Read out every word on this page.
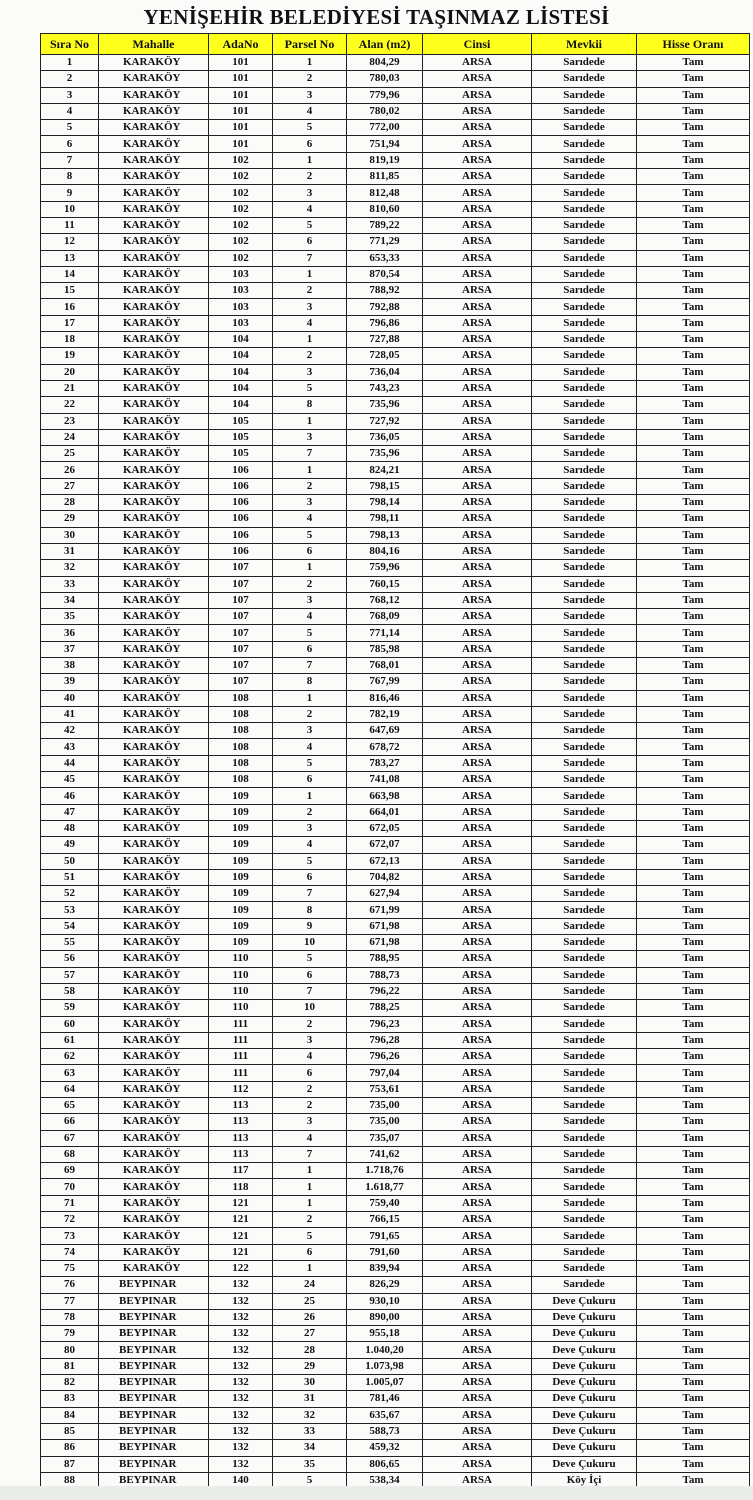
YENİŞEHİR BELEDİYESİ TAŞINMAZ LİSTESİ
Sıra No	Mahalle	AdaNo	Parsel No	Alan (m2)	Cinsi	Mevkii	Hisse Oranı
1	KARAKÖY	101	1	804,29	ARSA	Sarıdede	Tam
2	KARAKÖY	101	2	780,03	ARSA	Sarıdede	Tam
3	KARAKÖY	101	3	779,96	ARSA	Sarıdede	Tam
4	KARAKÖY	101	4	780,02	ARSA	Sarıdede	Tam
5	KARAKÖY	101	5	772,00	ARSA	Sarıdede	Tam
6	KARAKÖY	101	6	751,94	ARSA	Sarıdede	Tam
7	KARAKÖY	102	1	819,19	ARSA	Sarıdede	Tam
8	KARAKÖY	102	2	811,85	ARSA	Sarıdede	Tam
9	KARAKÖY	102	3	812,48	ARSA	Sarıdede	Tam
10	KARAKÖY	102	4	810,60	ARSA	Sarıdede	Tam
11	KARAKÖY	102	5	789,22	ARSA	Sarıdede	Tam
12	KARAKÖY	102	6	771,29	ARSA	Sarıdede	Tam
13	KARAKÖY	102	7	653,33	ARSA	Sarıdede	Tam
14	KARAKÖY	103	1	870,54	ARSA	Sarıdede	Tam
15	KARAKÖY	103	2	788,92	ARSA	Sarıdede	Tam
16	KARAKÖY	103	3	792,88	ARSA	Sarıdede	Tam
17	KARAKÖY	103	4	796,86	ARSA	Sarıdede	Tam
18	KARAKÖY	104	1	727,88	ARSA	Sarıdede	Tam
19	KARAKÖY	104	2	728,05	ARSA	Sarıdede	Tam
20	KARAKÖY	104	3	736,04	ARSA	Sarıdede	Tam
21	KARAKÖY	104	5	743,23	ARSA	Sarıdede	Tam
22	KARAKÖY	104	8	735,96	ARSA	Sarıdede	Tam
23	KARAKÖY	105	1	727,92	ARSA	Sarıdede	Tam
24	KARAKÖY	105	3	736,05	ARSA	Sarıdede	Tam
25	KARAKÖY	105	7	735,96	ARSA	Sarıdede	Tam
26	KARAKÖY	106	1	824,21	ARSA	Sarıdede	Tam
27	KARAKÖY	106	2	798,15	ARSA	Sarıdede	Tam
28	KARAKÖY	106	3	798,14	ARSA	Sarıdede	Tam
29	KARAKÖY	106	4	798,11	ARSA	Sarıdede	Tam
30	KARAKÖY	106	5	798,13	ARSA	Sarıdede	Tam
31	KARAKÖY	106	6	804,16	ARSA	Sarıdede	Tam
32	KARAKÖY	107	1	759,96	ARSA	Sarıdede	Tam
33	KARAKÖY	107	2	760,15	ARSA	Sarıdede	Tam
34	KARAKÖY	107	3	768,12	ARSA	Sarıdede	Tam
35	KARAKÖY	107	4	768,09	ARSA	Sarıdede	Tam
36	KARAKÖY	107	5	771,14	ARSA	Sarıdede	Tam
37	KARAKÖY	107	6	785,98	ARSA	Sarıdede	Tam
38	KARAKÖY	107	7	768,01	ARSA	Sarıdede	Tam
39	KARAKÖY	107	8	767,99	ARSA	Sarıdede	Tam
40	KARAKÖY	108	1	816,46	ARSA	Sarıdede	Tam
41	KARAKÖY	108	2	782,19	ARSA	Sarıdede	Tam
42	KARAKÖY	108	3	647,69	ARSA	Sarıdede	Tam
43	KARAKÖY	108	4	678,72	ARSA	Sarıdede	Tam
44	KARAKÖY	108	5	783,27	ARSA	Sarıdede	Tam
45	KARAKÖY	108	6	741,08	ARSA	Sarıdede	Tam
46	KARAKÖY	109	1	663,98	ARSA	Sarıdede	Tam
47	KARAKÖY	109	2	664,01	ARSA	Sarıdede	Tam
48	KARAKÖY	109	3	672,05	ARSA	Sarıdede	Tam
49	KARAKÖY	109	4	672,07	ARSA	Sarıdede	Tam
50	KARAKÖY	109	5	672,13	ARSA	Sarıdede	Tam
51	KARAKÖY	109	6	704,82	ARSA	Sarıdede	Tam
52	KARAKÖY	109	7	627,94	ARSA	Sarıdede	Tam
53	KARAKÖY	109	8	671,99	ARSA	Sarıdede	Tam
54	KARAKÖY	109	9	671,98	ARSA	Sarıdede	Tam
55	KARAKÖY	109	10	671,98	ARSA	Sarıdede	Tam
56	KARAKÖY	110	5	788,95	ARSA	Sarıdede	Tam
57	KARAKÖY	110	6	788,73	ARSA	Sarıdede	Tam
58	KARAKÖY	110	7	796,22	ARSA	Sarıdede	Tam
59	KARAKÖY	110	10	788,25	ARSA	Sarıdede	Tam
60	KARAKÖY	111	2	796,23	ARSA	Sarıdede	Tam
61	KARAKÖY	111	3	796,28	ARSA	Sarıdede	Tam
62	KARAKÖY	111	4	796,26	ARSA	Sarıdede	Tam
63	KARAKÖY	111	6	797,04	ARSA	Sarıdede	Tam
64	KARAKÖY	112	2	753,61	ARSA	Sarıdede	Tam
65	KARAKÖY	113	2	735,00	ARSA	Sarıdede	Tam
66	KARAKÖY	113	3	735,00	ARSA	Sarıdede	Tam
67	KARAKÖY	113	4	735,07	ARSA	Sarıdede	Tam
68	KARAKÖY	113	7	741,62	ARSA	Sarıdede	Tam
69	KARAKÖY	117	1	1.718,76	ARSA	Sarıdede	Tam
70	KARAKÖY	118	1	1.618,77	ARSA	Sarıdede	Tam
71	KARAKÖY	121	1	759,40	ARSA	Sarıdede	Tam
72	KARAKÖY	121	2	766,15	ARSA	Sarıdede	Tam
73	KARAKÖY	121	5	791,65	ARSA	Sarıdede	Tam
74	KARAKÖY	121	6	791,60	ARSA	Sarıdede	Tam
75	KARAKÖY	122	1	839,94	ARSA	Sarıdede	Tam
76	BEYPINAR	132	24	826,29	ARSA	Sarıdede	Tam
77	BEYPINAR	132	25	930,10	ARSA	Deve Çukuru	Tam
78	BEYPINAR	132	26	890,00	ARSA	Deve Çukuru	Tam
79	BEYPINAR	132	27	955,18	ARSA	Deve Çukuru	Tam
80	BEYPINAR	132	28	1.040,20	ARSA	Deve Çukuru	Tam
81	BEYPINAR	132	29	1.073,98	ARSA	Deve Çukuru	Tam
82	BEYPINAR	132	30	1.005,07	ARSA	Deve Çukuru	Tam
83	BEYPINAR	132	31	781,46	ARSA	Deve Çukuru	Tam
84	BEYPINAR	132	32	635,67	ARSA	Deve Çukuru	Tam
85	BEYPINAR	132	33	588,73	ARSA	Deve Çukuru	Tam
86	BEYPINAR	132	34	459,32	ARSA	Deve Çukuru	Tam
87	BEYPINAR	132	35	806,65	ARSA	Deve Çukuru	Tam
88	BEYPINAR	140	5	538,34	ARSA	Köy İçi	Tam
